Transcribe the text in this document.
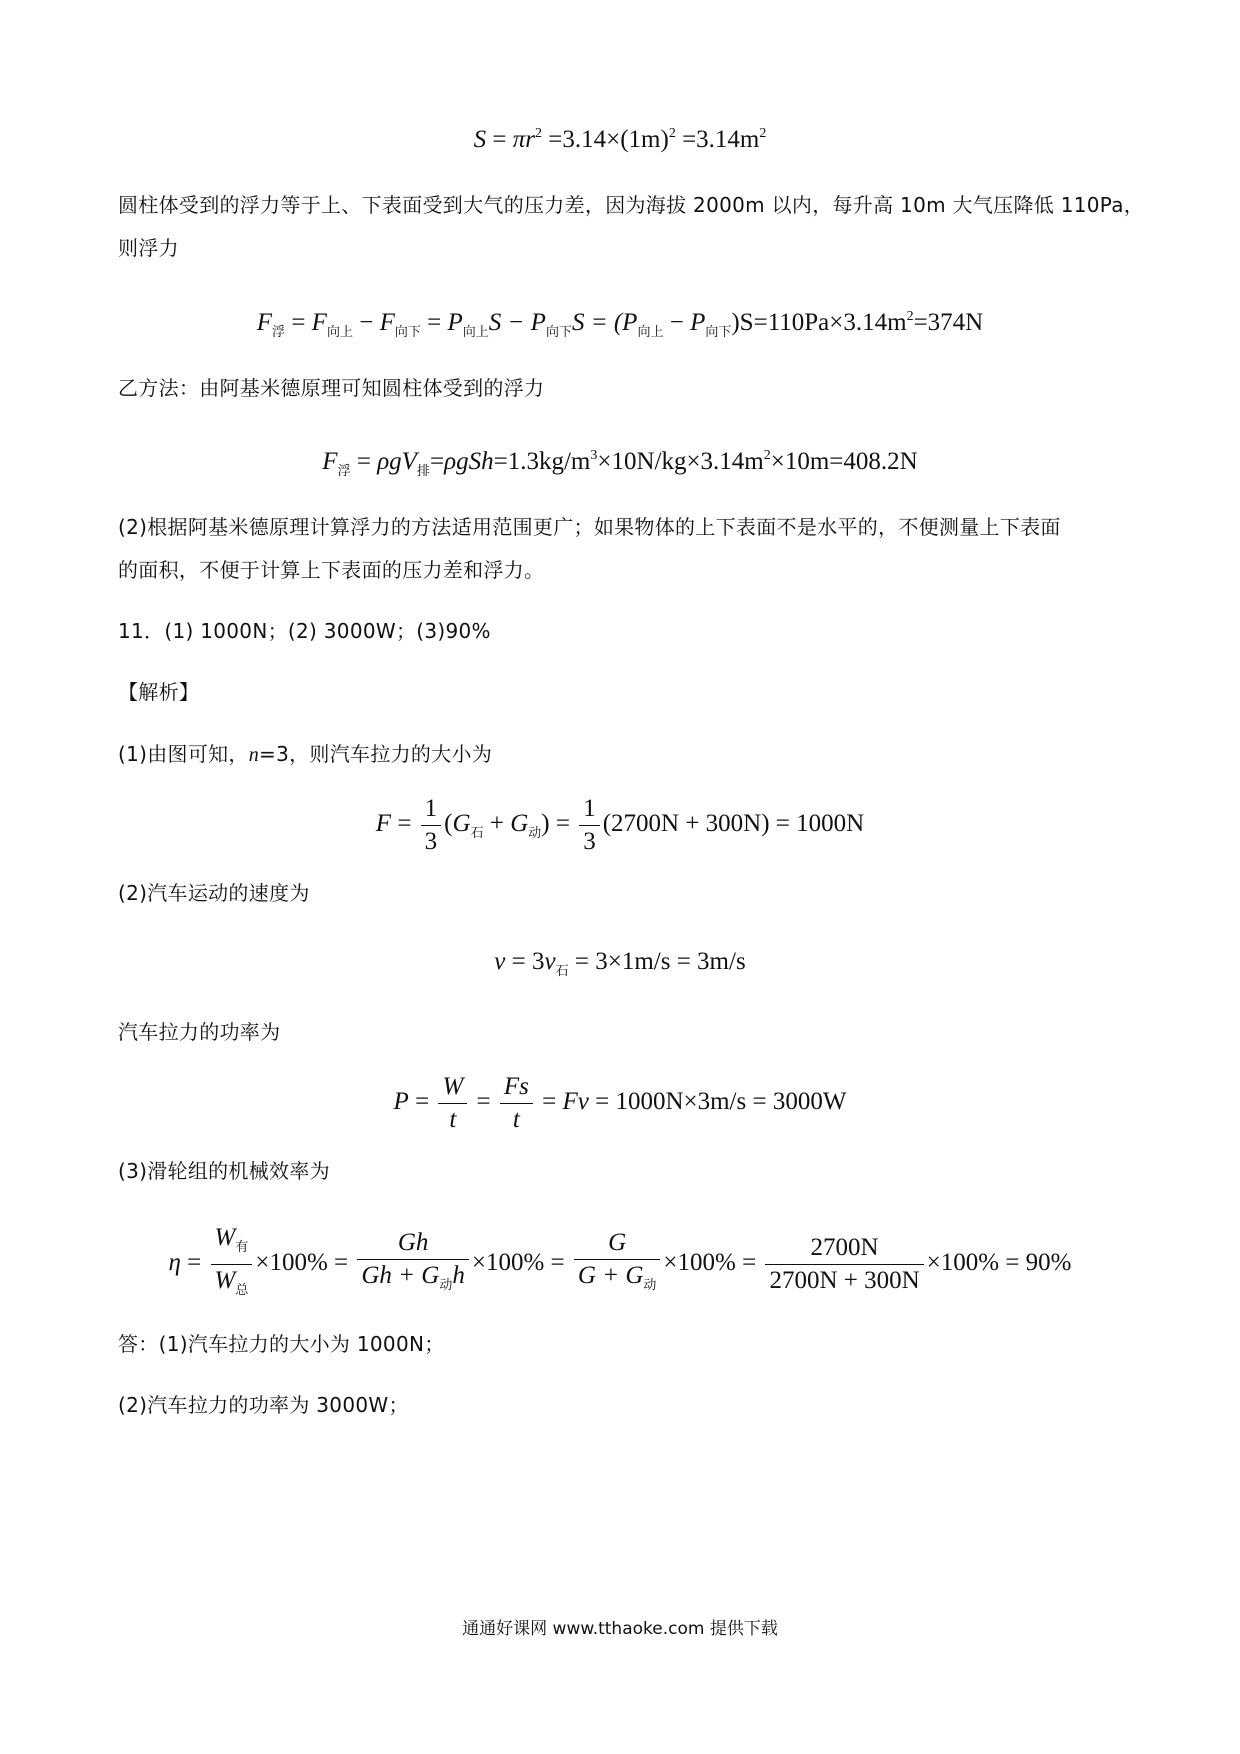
$S = \pi r^2 =3.14\times(1m)^2 =3.14m^2$
圆柱体受到的浮力等于上、下表面受到大气的压力差，因为海拔 2000m 以内，每升高 10m 大气压降低 110Pa，
则浮力
$F_浮 = F_{向上} - F_{向下} = P_{向上}S - P_{向下}S = (P_{向上} - P_{向下})S=110Pa\times 3.14m^2=374N$
乙方法：由阿基米德原理可知圆柱体受到的浮力
$F_浮 = \rho gV_排=\rho gSh=1.3kg/m^3\times 10N/kg\times 3.14m^2\times 10m=408.2N$
(2)根据阿基米德原理计算浮力的方法适用范围更广；如果物体的上下表面不是水平的，不便测量上下表面
的面积，不便于计算上下表面的压力差和浮力。
11．(1) 1000N；(2) 3000W；(3)90%
【解析】
(1)由图可知，n=3，则汽车拉力的大小为
$F = \frac{1}{3} (G_石 + G_动) = \frac{1}{3} (2700N + 300N) = 1000N$
(2)汽车运动的速度为
$v = 3v_石 = 3\times 1m/s = 3m/s$
汽车拉力的功率为
$P = \frac{W}{t} = \frac{Fs}{t} = Fv = 1000N\times 3m/s = 3000W$
(3)滑轮组的机械效率为
$\eta = \frac{W_有}{W_总} \times 100\% = \frac{Gh}{Gh + G_动h} \times 100\% = \frac{G}{G + G_动} \times 100\% = \frac{2700N}{2700N + 300N} \times 100\% = 90\%$
答：(1)汽车拉力的大小为 1000N；
(2)汽车拉力的功率为 3000W；
通通好课网 www.tthaoke.com 提供下载
